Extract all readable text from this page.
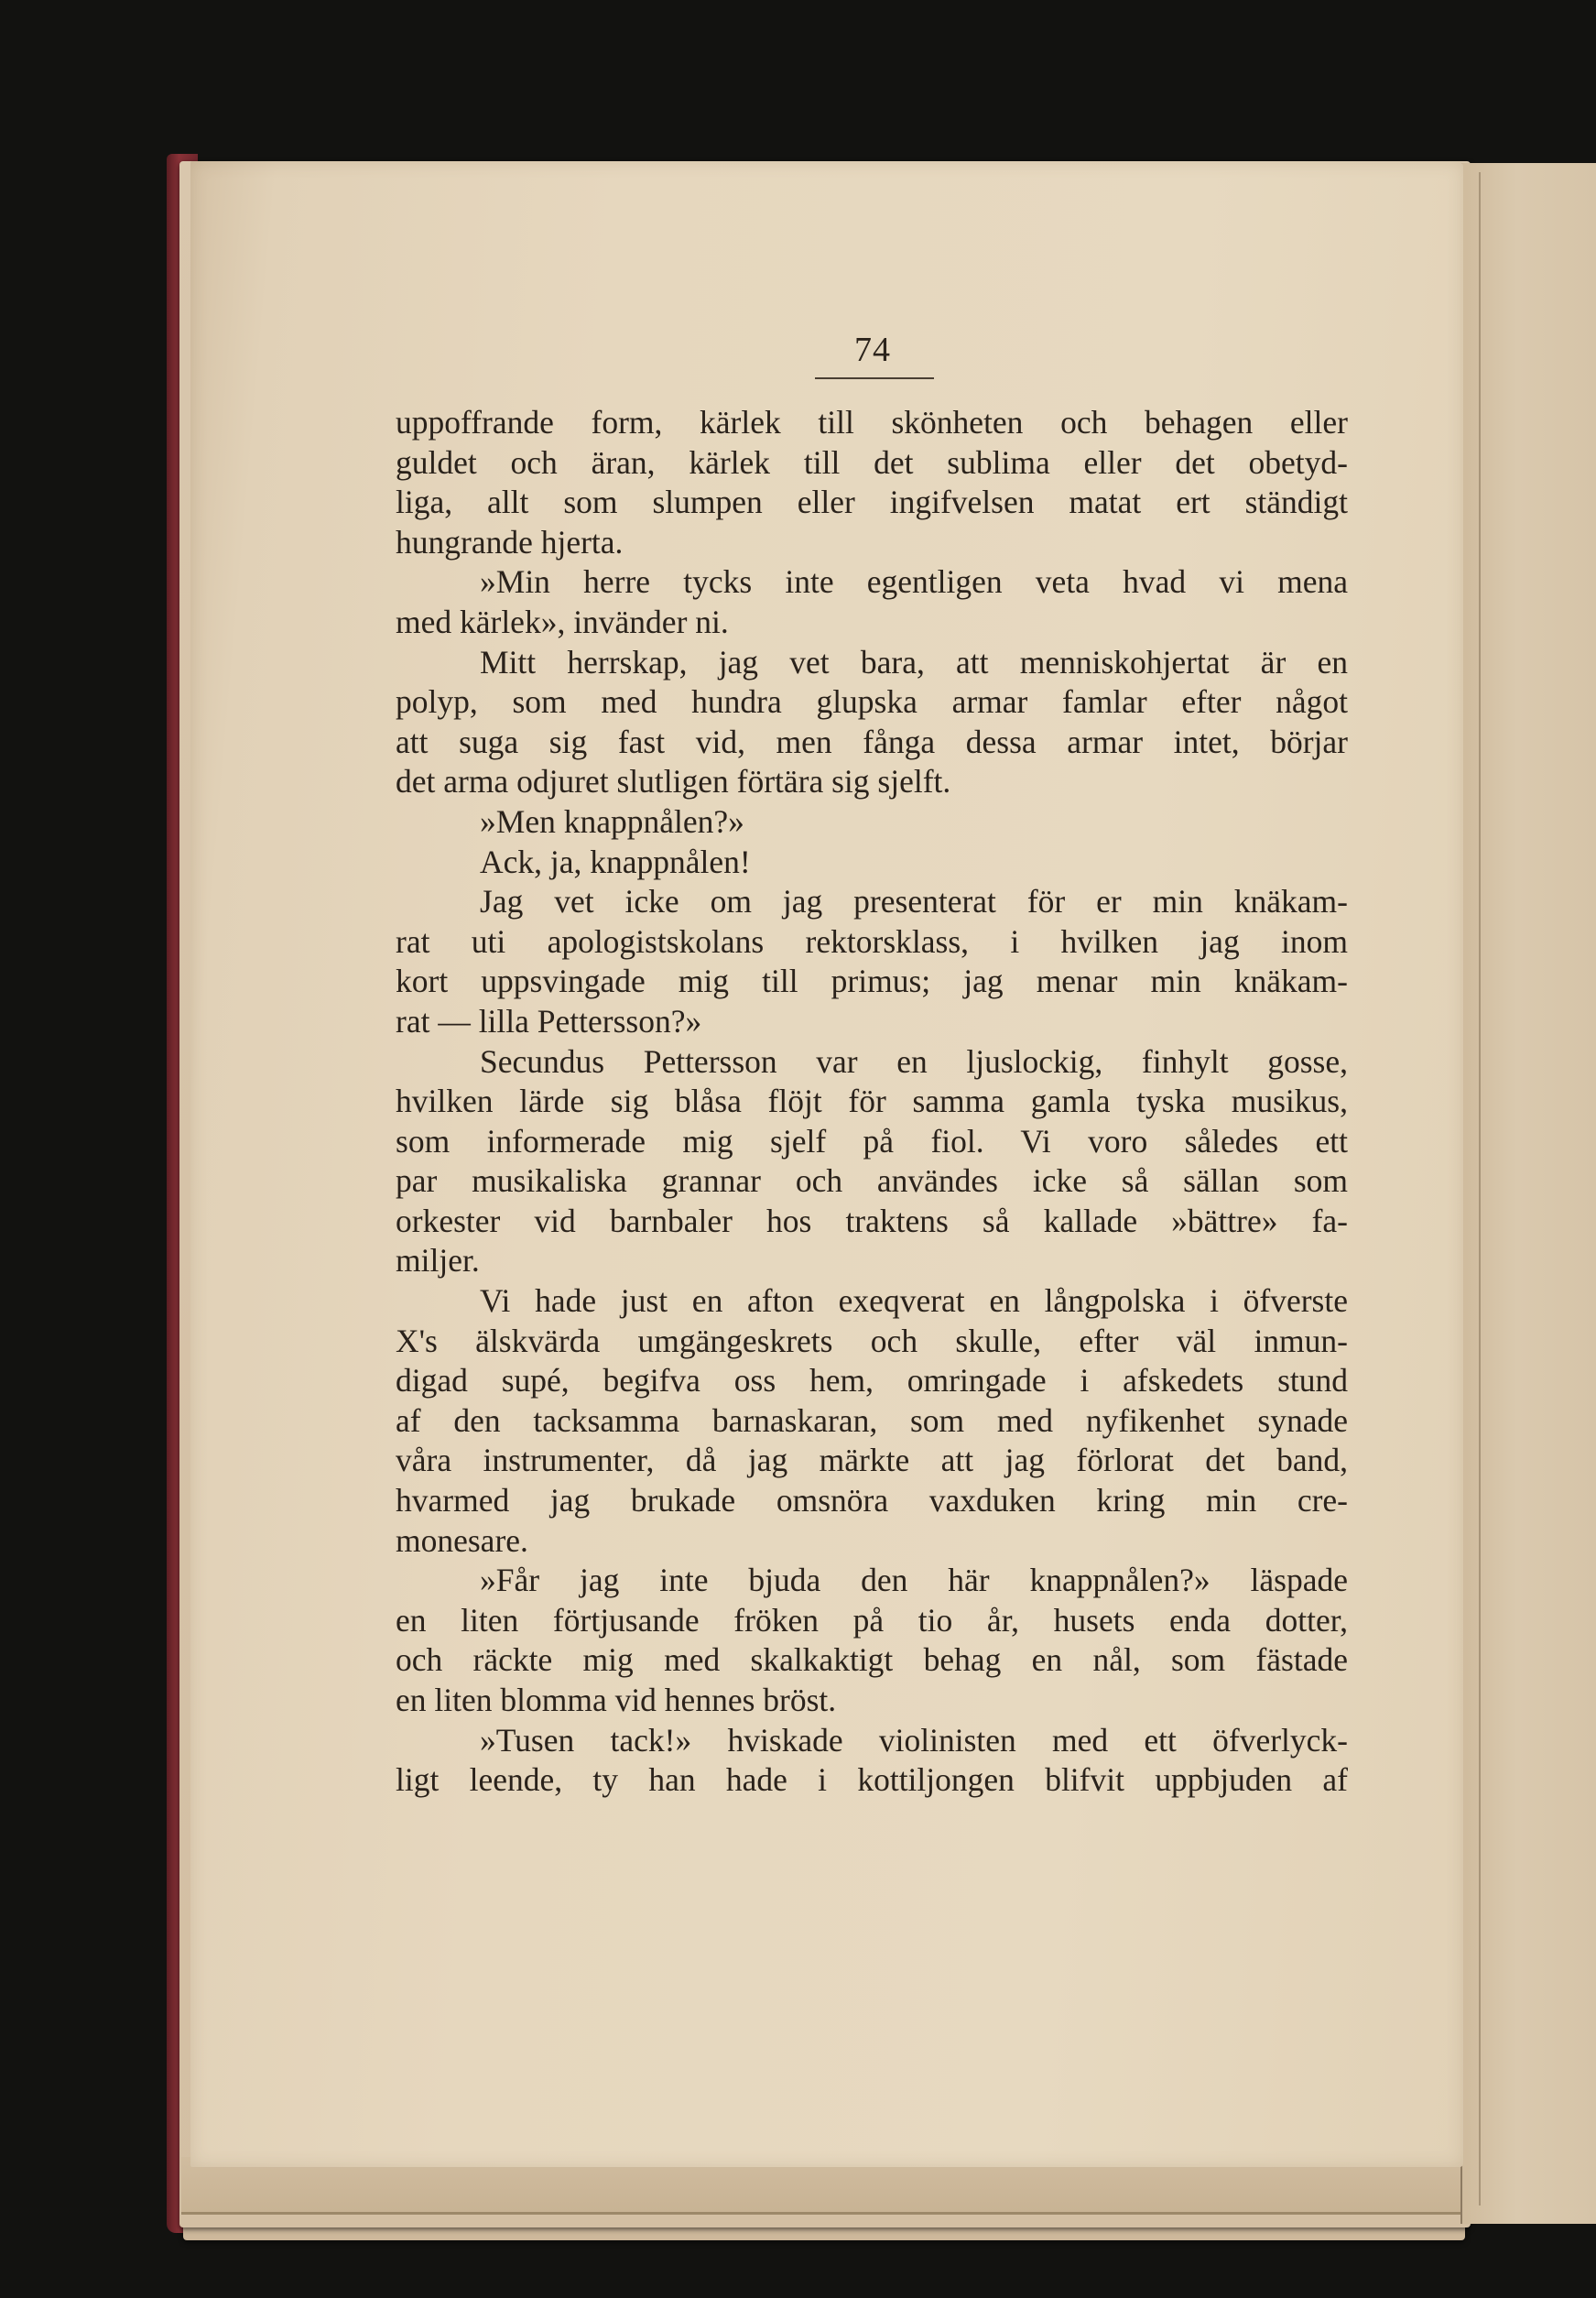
74
uppoffrande form, kärlek till skönheten och behagen eller
guldet och äran, kärlek till det sublima eller det obetyd-
liga, allt som slumpen eller ingifvelsen matat ert ständigt
hungrande hjerta.
»Min herre tycks inte egentligen veta hvad vi mena
med kärlek», invänder ni.
Mitt herrskap, jag vet bara, att menniskohjertat är en
polyp, som med hundra glupska armar famlar efter något
att suga sig fast vid, men fånga dessa armar intet, börjar
det arma odjuret slutligen förtära sig sjelft.
»Men knappnålen?»
Ack, ja, knappnålen!
Jag vet icke om jag presenterat för er min knäkam-
rat uti apologistskolans rektorsklass, i hvilken jag inom
kort uppsvingade mig till primus; jag menar min knäkam-
rat — lilla Pettersson?»
Secundus Pettersson var en ljuslockig, finhylt gosse,
hvilken lärde sig blåsa flöjt för samma gamla tyska musikus,
som informerade mig sjelf på fiol. Vi voro således ett
par musikaliska grannar och användes icke så sällan som
orkester vid barnbaler hos traktens så kallade »bättre» fa-
miljer.
Vi hade just en afton exeqverat en långpolska i öfverste
X's älskvärda umgängeskrets och skulle, efter väl inmun-
digad supé, begifva oss hem, omringade i afskedets stund
af den tacksamma barnaskaran, som med nyfikenhet synade
våra instrumenter, då jag märkte att jag förlorat det band,
hvarmed jag brukade omsnöra vaxduken kring min cre-
monesare.
»Får jag inte bjuda den här knappnålen?» läspade
en liten förtjusande fröken på tio år, husets enda dotter,
och räckte mig med skalkaktigt behag en nål, som fästade
en liten blomma vid hennes bröst.
»Tusen tack!» hviskade violinisten med ett öfverlyck-
ligt leende, ty han hade i kottiljongen blifvit uppbjuden af
